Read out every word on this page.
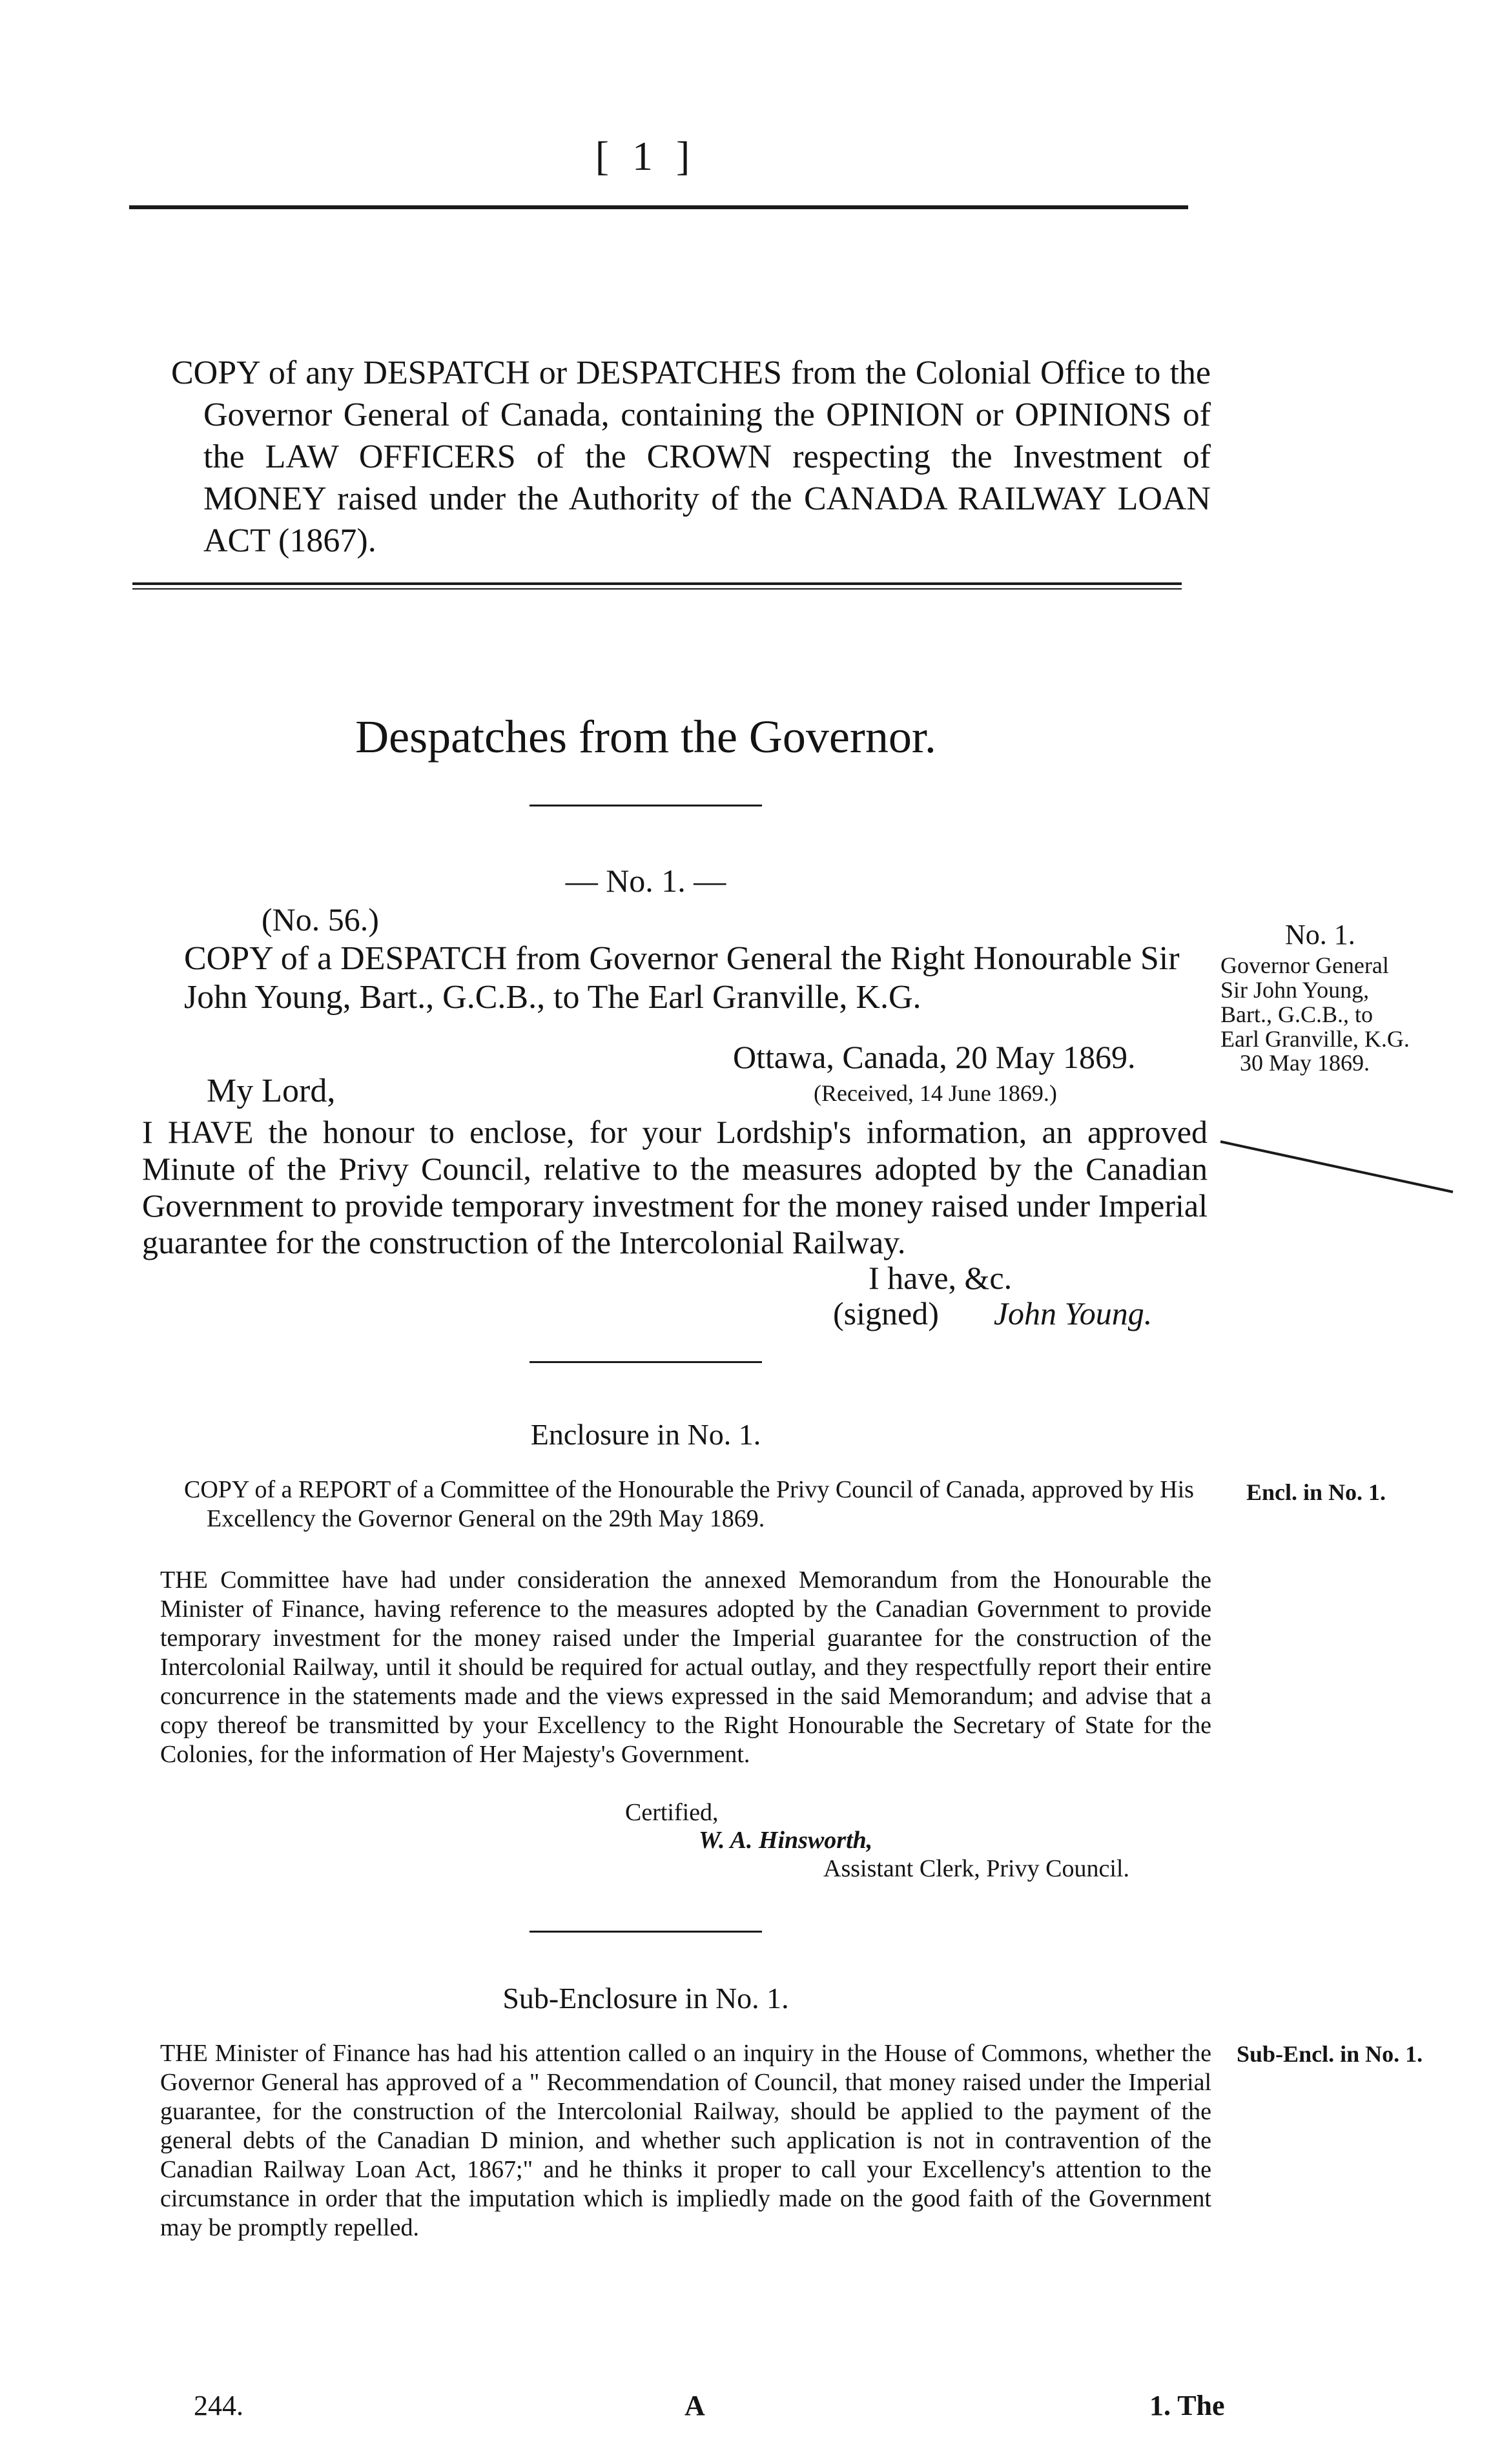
[ 1 ]

COPY of any DESPATCH or DESPATCHES from the Colonial Office to the Governor General of Canada, containing the OPINION or OPINIONS of the LAW OFFICERS of the CROWN respecting the Investment of MONEY raised under the Authority of the CANADA RAILWAY LOAN ACT (1867).

Despatches from the Governor.
— No. 1. —
(No. 56.)

COPY of a DESPATCH from Governor General the Right Honourable Sir John Young, Bart., G.C.B., to The Earl Granville, K.G.

Ottawa, Canada, 20 May 1869.
My Lord,	(Received, 14 June 1869.)

I HAVE the honour to enclose, for your Lordship's information, an approved Minute of the Privy Council, relative to the measures adopted by the Canadian Government to provide temporary investment for the money raised under Imperial guarantee for the construction of the Intercolonial Railway.

I have, &c.
(signed) John Young.
Enclosure in No. 1.

COPY of a REPORT of a Committee of the Honourable the Privy Council of Canada, approved by His Excellency the Governor General on the 29th May 1869.

THE Committee have had under consideration the annexed Memorandum from the Honourable the Minister of Finance, having reference to the measures adopted by the Canadian Government to provide temporary investment for the money raised under the Imperial guarantee for the construction of the Intercolonial Railway, until it should be required for actual outlay, and they respectfully report their entire concurrence in the statements made and the views expressed in the said Memorandum; and advise that a copy thereof be transmitted by your Excellency to the Right Honourable the Secretary of State for the Colonies, for the information of Her Majesty's Government.

Certified,
W. A. Hinsworth,
Assistant Clerk, Privy Council.
Sub-Enclosure in No. 1.

THE Minister of Finance has had his attention called o an inquiry in the House of Commons, whether the Governor General has approved of a " Recommendation of Council, that money raised under the Imperial guarantee, for the construction of the Intercolonial Railway, should be applied to the payment of the general debts of the Canadian D minion, and whether such application is not in contravention of the Canadian Railway Loan Act, 1867;" and he thinks it proper to call your Excellency's attention to the circumstance in order that the imputation which is impliedly made on the good faith of the Government may be promptly repelled.

244.	A	1. The
No. 1.
Governor General
Sir John Young,
Bart., G.C.B., to
Earl Granville, K.G.
30 May 1869.
Encl. in No. 1.
Sub-Encl. in No. 1.
